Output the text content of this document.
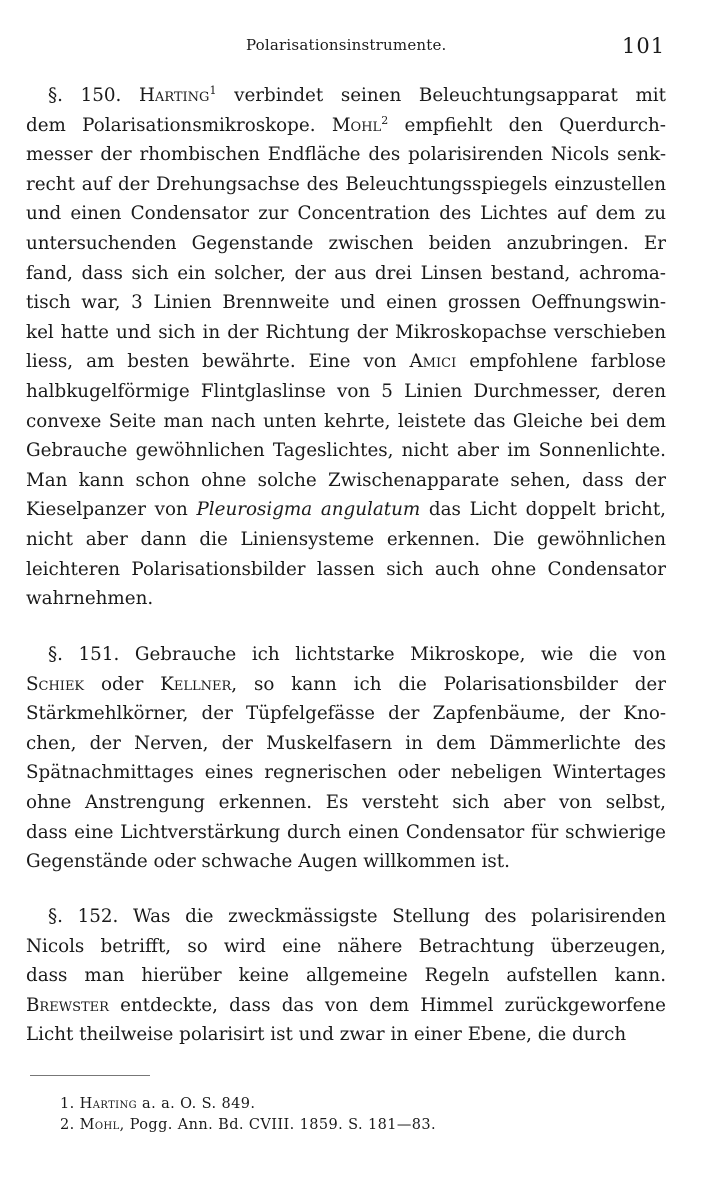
Polarisationsinstrumente.	101

§. 150. Harting$^1$ verbindet seinen Beleuchtungsapparat mit
dem Polarisationsmikroskope. Mohl$^2$ empfiehlt den Querdurch-
messer der rhombischen Endfläche des polarisirenden Nicols senk-
recht auf der Drehungsachse des Beleuchtungsspiegels einzustellen
und einen Condensator zur Concentration des Lichtes auf dem zu
untersuchenden Gegenstande zwischen beiden anzubringen. Er
fand, dass sich ein solcher, der aus drei Linsen bestand, achroma-
tisch war, 3 Linien Brennweite und einen grossen Oeffnungswin-
kel hatte und sich in der Richtung der Mikroskopachse verschieben
liess, am besten bewährte. Eine von Amici empfohlene farblose
halbkugelförmige Flintglaslinse von 5 Linien Durchmesser, deren
convexe Seite man nach unten kehrte, leistete das Gleiche bei dem
Gebrauche gewöhnlichen Tageslichtes, nicht aber im Sonnenlichte.
Man kann schon ohne solche Zwischenapparate sehen, dass der
Kieselpanzer von Pleurosigma angulatum das Licht doppelt bricht,
nicht aber dann die Liniensysteme erkennen. Die gewöhnlichen
leichteren Polarisationsbilder lassen sich auch ohne Condensator
wahrnehmen.

§. 151. Gebrauche ich lichtstarke Mikroskope, wie die von
Schiek oder Kellner, so kann ich die Polarisationsbilder der
Stärkmehlkörner, der Tüpfelgefässe der Zapfenbäume, der Kno-
chen, der Nerven, der Muskelfasern in dem Dämmerlichte des
Spätnachmittages eines regnerischen oder nebeligen Wintertages
ohne Anstrengung erkennen. Es versteht sich aber von selbst,
dass eine Lichtverstärkung durch einen Condensator für schwierige
Gegenstände oder schwache Augen willkommen ist.

§. 152. Was die zweckmässigste Stellung des polarisirenden
Nicols betrifft, so wird eine nähere Betrachtung überzeugen,
dass man hierüber keine allgemeine Regeln aufstellen kann.
Brewster entdeckte, dass das von dem Himmel zurückgeworfene
Licht theilweise polarisirt ist und zwar in einer Ebene, die durch

1. Harting a. a. O. S. 849.
2. Mohl, Pogg. Ann. Bd. CVIII. 1859. S. 181—83.
